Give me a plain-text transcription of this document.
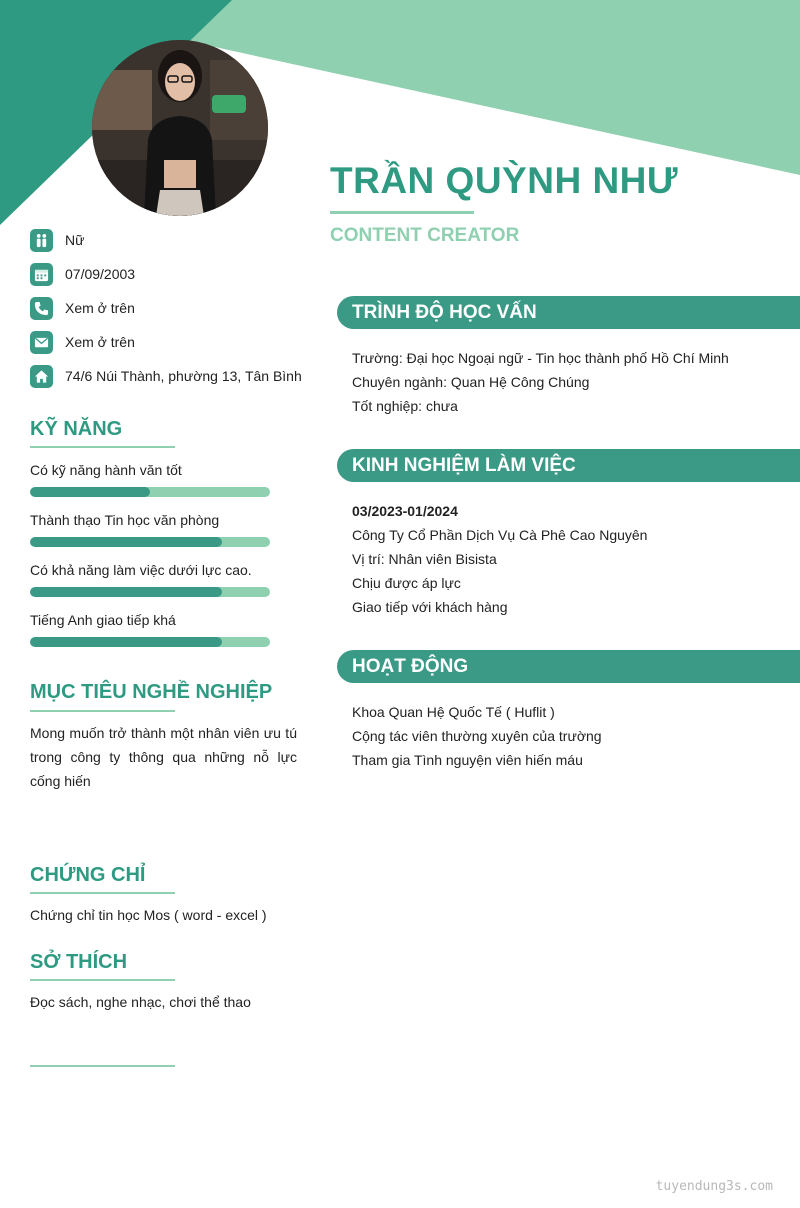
TRẦN QUỲNH NHƯ
CONTENT CREATOR
Nữ
07/09/2003
Xem ở trên
Xem ở trên
74/6 Núi Thành, phường 13, Tân Bình
KỸ NĂNG
Có kỹ năng hành văn tốt
Thành thạo Tin học văn phòng
Có khả năng làm việc dưới lực cao.
Tiếng Anh giao tiếp khá
MỤC TIÊU NGHỀ NGHIỆP

Mong muốn trở thành một nhân viên ưu tú trong công ty thông qua những nỗ lực cống hiến

CHỨNG CHỈ
Chứng chỉ tin học Mos ( word - excel )
SỞ THÍCH
Đọc sách, nghe nhạc, chơi thể thao
TRÌNH ĐỘ HỌC VẤN
Trường: Đại học Ngoại ngữ - Tin học thành phố Hồ Chí Minh
Chuyên ngành: Quan Hệ Công Chúng
Tốt nghiệp: chưa
KINH NGHIỆM LÀM VIỆC
03/2023-01/2024
Công Ty Cổ Phần Dịch Vụ Cà Phê Cao Nguyên
Vị trí: Nhân viên Bisista
Chịu được áp lực
Giao tiếp với khách hàng
HOẠT ĐỘNG
Khoa Quan Hệ Quốc Tế ( Huflit )
Cộng tác viên thường xuyên của trường
Tham gia Tình nguyện viên hiến máu
tuyendung3s.com
